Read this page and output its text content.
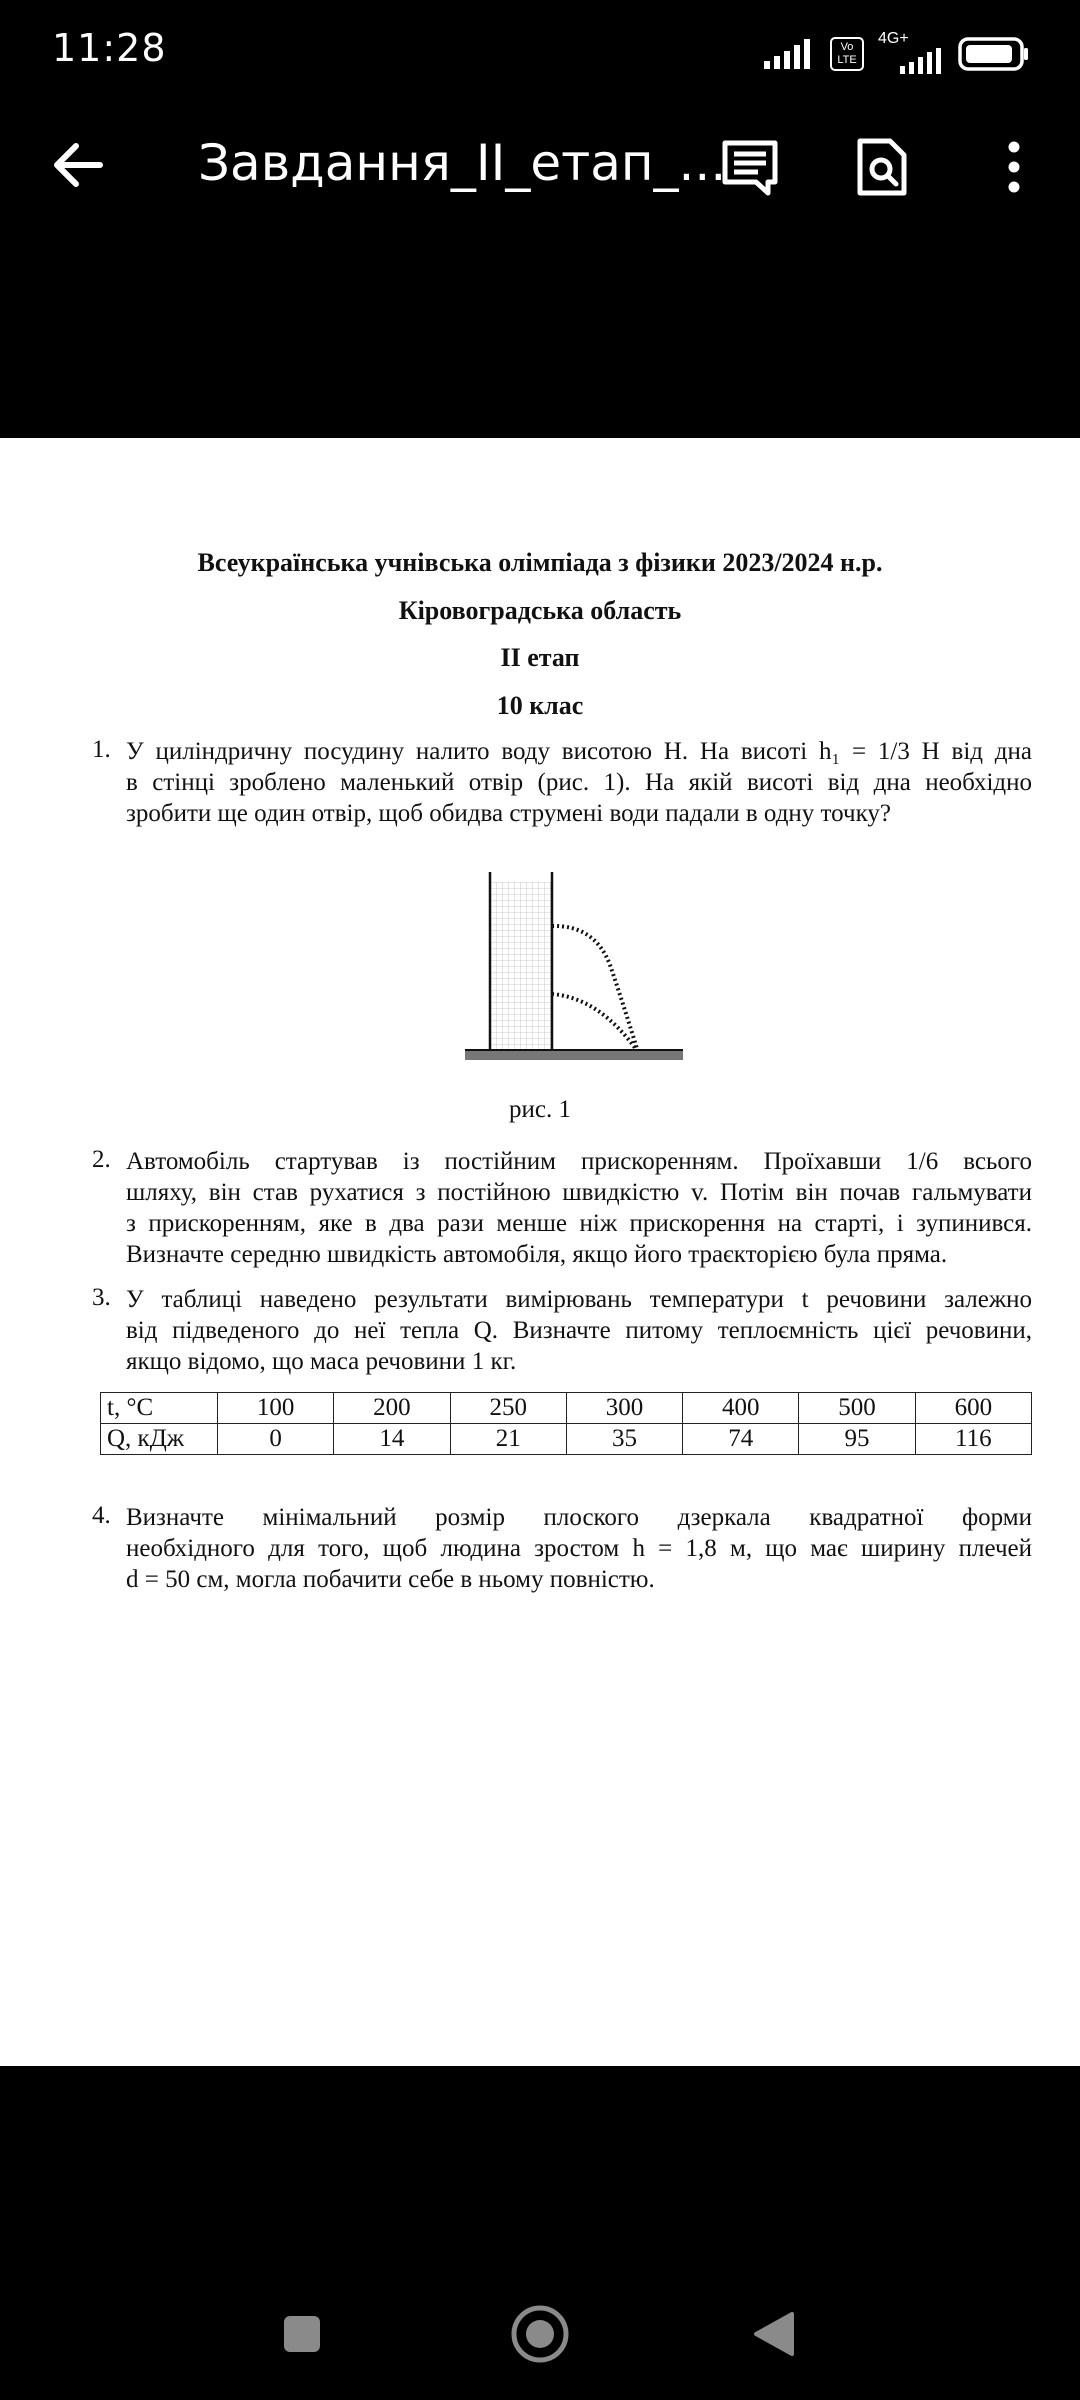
11:28	Vo LTE
4G+
Завдання_II_етап_...
Всеукраїнська учнівська олімпіада з фізики 2023/2024 н.р.
Кіровоградська область
ІІ етап
10 клас
1. У циліндричну посудину налито воду висотою H. На висоті h₁ = 1/3 H від дна
в стінці зроблено маленький отвір (рис. 1). На якій висоті від дна необхідно
зробити ще один отвір, щоб обидва струмені води падали в одну точку?
рис. 1
2. Автомобіль стартував із постійним прискоренням. Проїхавши 1/6 всього
шляху, він став рухатися з постійною швидкістю v. Потім він почав гальмувати
з прискоренням, яке в два рази менше ніж прискорення на старті, і зупинився.
Визначте середню швидкість автомобіля, якщо його траєкторією була пряма.
3. У таблиці наведено результати вимірювань температури t речовини залежно
від підведеного до неї тепла Q. Визначте питому теплоємність цієї речовини,
якщо відомо, що маса речовини 1 кг.
t, °C	100	200	250	300	400	500	600
Q, кДж	0	14	21	35	74	95	116
4. Визначте мінімальний розмір плоского дзеркала квадратної форми
необхідного для того, щоб людина зростом h = 1,8 м, що має ширину плечей
d = 50 см, могла побачити себе в ньому повністю.
